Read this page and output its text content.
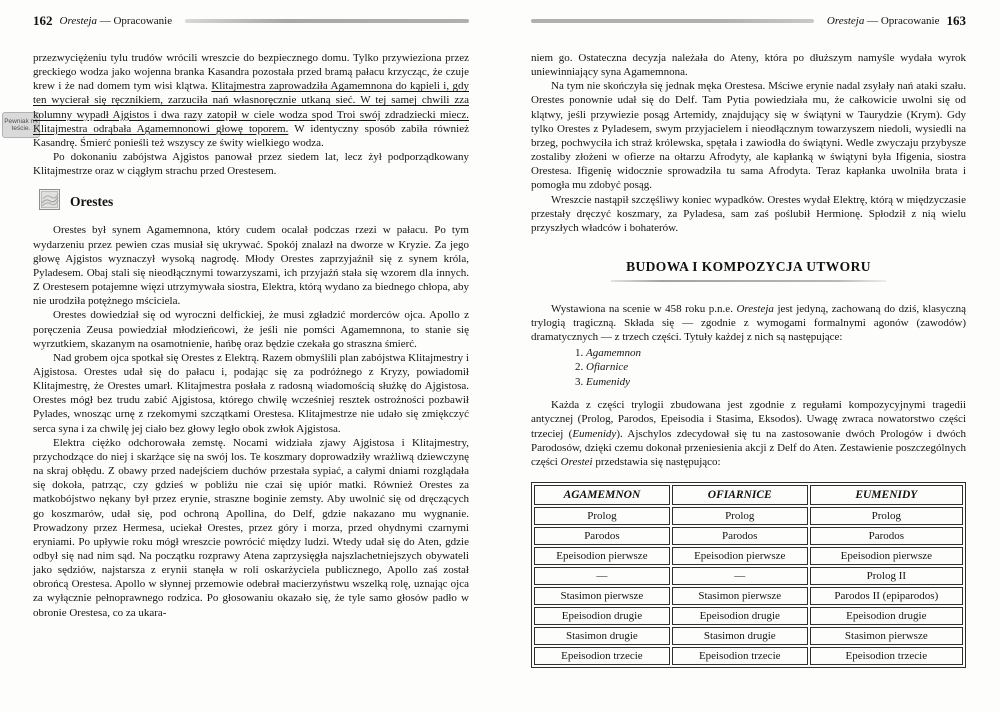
Pewniak na teście.
162 Oresteja — Opracowanie

przezwyciężeniu tylu trudów wrócili wreszcie do bezpiecznego domu. Tylko przywieziona przez greckiego wodza jako wojenna branka Kasandra pozostała przed bramą pałacu krzycząc, że czuje krew i że nad domem tym wisi klątwa. Klitajmestra zaprowadziła Agamemnona do kąpieli i, gdy ten wycierał się ręcznikiem, zarzuciła nań własnoręcznie utkaną sieć. W tej samej chwili zza kolumny wypadł Ajgistos i dwa razy zatopił w ciele wodza spod Troi swój zdradziecki miecz. Klitajmestra odrąbała Agamemnonowi głowę toporem. W identyczny sposób zabiła również Kasandrę. Śmierć ponieśli też wszyscy ze świty wielkiego wodza.

Po dokonaniu zabójstwa Ajgistos panował przez siedem lat, lecz żył podporządkowany Klitajmestrze oraz w ciągłym strachu przed Orestesem.

Orestes

Orestes był synem Agamemnona, który cudem ocalał podczas rzezi w pałacu. Po tym wydarzeniu przez pewien czas musiał się ukrywać. Spokój znalazł na dworze w Kryzie. Za jego głowę Ajgistos wyznaczył wysoką nagrodę. Młody Orestes zaprzyjaźnił się z synem króla, Pyladesem. Obaj stali się nieodłącznymi towarzyszami, ich przyjaźń stała się wzorem dla innych. Z Orestesem potajemne więzi utrzymywała siostra, Elektra, którą wydano za biednego chłopa, aby nie urodziła potężnego mściciela.

Orestes dowiedział się od wyroczni delfickiej, że musi zgładzić morderców ojca. Apollo z poręczenia Zeusa powiedział młodzieńcowi, że jeśli nie pomści Agamemnona, to stanie się wyrzutkiem, skazanym na osamotnienie, hańbę oraz będzie czekała go straszna śmierć.

Nad grobem ojca spotkał się Orestes z Elektrą. Razem obmyślili plan zabójstwa Klitajmestry i Ajgistosa. Orestes udał się do pałacu i, podając się za podróżnego z Kryzy, powiadomił Klitajmestrę, że Orestes umarł. Klitajmestra posłała z radosną wiadomością służkę do Ajgistosa. Orestes mógł bez trudu zabić Ajgistosa, którego chwilę wcześniej resztek ostrożności pozbawił Pylades, wnosząc urnę z rzekomymi szczątkami Orestesa. Klitajmestrze nie udało się zmiękczyć serca syna i za chwilę jej ciało bez głowy legło obok zwłok Ajgistosa.

Elektra ciężko odchorowała zemstę. Nocami widziała zjawy Ajgistosa i Klitajmestry, przychodzące do niej i skarżące się na swój los. Te koszmary doprowadziły wrażliwą dziewczynę na skraj obłędu. Z obawy przed nadejściem duchów przestała sypiać, a całymi dniami rozglądała się dokoła, patrząc, czy gdzieś w pobliżu nie czai się upiór matki. Również Orestes za matkobójstwo nękany był przez erynie, straszne boginie zemsty. Aby uwolnić się od dręczących go koszmarów, udał się, pod ochroną Apollina, do Delf, gdzie nakazano mu wygnanie. Prowadzony przez Hermesa, uciekał Orestes, przez góry i morza, przed ohydnymi czarnymi eryniami. Po upływie roku mógł wreszcie powrócić między ludzi. Wtedy udał się do Aten, gdzie odbył się nad nim sąd. Na początku rozprawy Atena zaprzysięgła najszlachetniejszych obywateli jako sędziów, najstarsza z erynii stanęła w roli oskarżyciela publicznego, Apollo zaś został obrońcą Orestesa. Apollo w słynnej przemowie odebrał macierzyństwu wszelką rolę, uznając ojca za wyłącznie pełnoprawnego rodzica. Po głosowaniu okazało się, że tyle samo głosów padło w obronie Orestesa, co za ukara-

Oresteja — Opracowanie 163

niem go. Ostateczna decyzja należała do Ateny, która po dłuższym namyśle wydała wyrok uniewinniający syna Agamemnona.

Na tym nie skończyła się jednak męka Orestesa. Mściwe erynie nadal zsyłały nań ataki szału. Orestes ponownie udał się do Delf. Tam Pytia powiedziała mu, że całkowicie uwolni się od klątwy, jeśli przywiezie posąg Artemidy, znajdujący się w świątyni w Taurydzie (Krym). Gdy tylko Orestes z Pyladesem, swym przyjacielem i nieodłącznym towarzyszem niedoli, wysiedli na brzeg, pochwyciła ich straż królewska, spętała i zawiodła do świątyni. Wedle zwyczaju przybysze zostaliby złożeni w ofierze na ołtarzu Afrodyty, ale kapłanką w świątyni była Ifigenia, siostra Orestesa. Ifigenię widocznie sprowadziła tu sama Afrodyta. Teraz kapłanka uwolniła brata i pomogła mu zdobyć posąg.

Wreszcie nastąpił szczęśliwy koniec wypadków. Orestes wydał Elektrę, którą w międzyczasie przestały dręczyć koszmary, za Pyladesa, sam zaś poślubił Hermionę. Spłodził z nią wielu przyszłych władców i bohaterów.

BUDOWA I KOMPOZYCJA UTWORU

Wystawiona na scenie w 458 roku p.n.e. Oresteja jest jedyną, zachowaną do dziś, klasyczną trylogią tragiczną. Składa się — zgodnie z wymogami formalnymi agonów (zawodów) dramatycznych — z trzech części. Tytuły każdej z nich są następujące:

1. Agamemnon
2. Ofiarnice
3. Eumenidy

Każda z części trylogii zbudowana jest zgodnie z regułami kompozycyjnymi tragedii antycznej (Prolog, Parodos, Epeisodia i Stasima, Eksodos). Uwagę zwraca nowatorstwo części trzeciej (Eumenidy). Ajschylos zdecydował się tu na zastosowanie dwóch Prologów i dwóch Parodosów, dzięki czemu dokonał przeniesienia akcji z Delf do Aten. Zestawienie poszczególnych części Orestei przedstawia się następująco:

AGAMEMNON	OFIARNICE	EUMENIDY
Prolog	Prolog	Prolog
Parodos	Parodos	Parodos
Epeisodion pierwsze	Epeisodion pierwsze	Epeisodion pierwsze
—	—	Prolog II
Stasimon pierwsze	Stasimon pierwsze	Parodos II (epiparodos)
Epeisodion drugie	Epeisodion drugie	Epeisodion drugie
Stasimon drugie	Stasimon drugie	Stasimon pierwsze
Epeisodion trzecie	Epeisodion trzecie	Epeisodion trzecie
